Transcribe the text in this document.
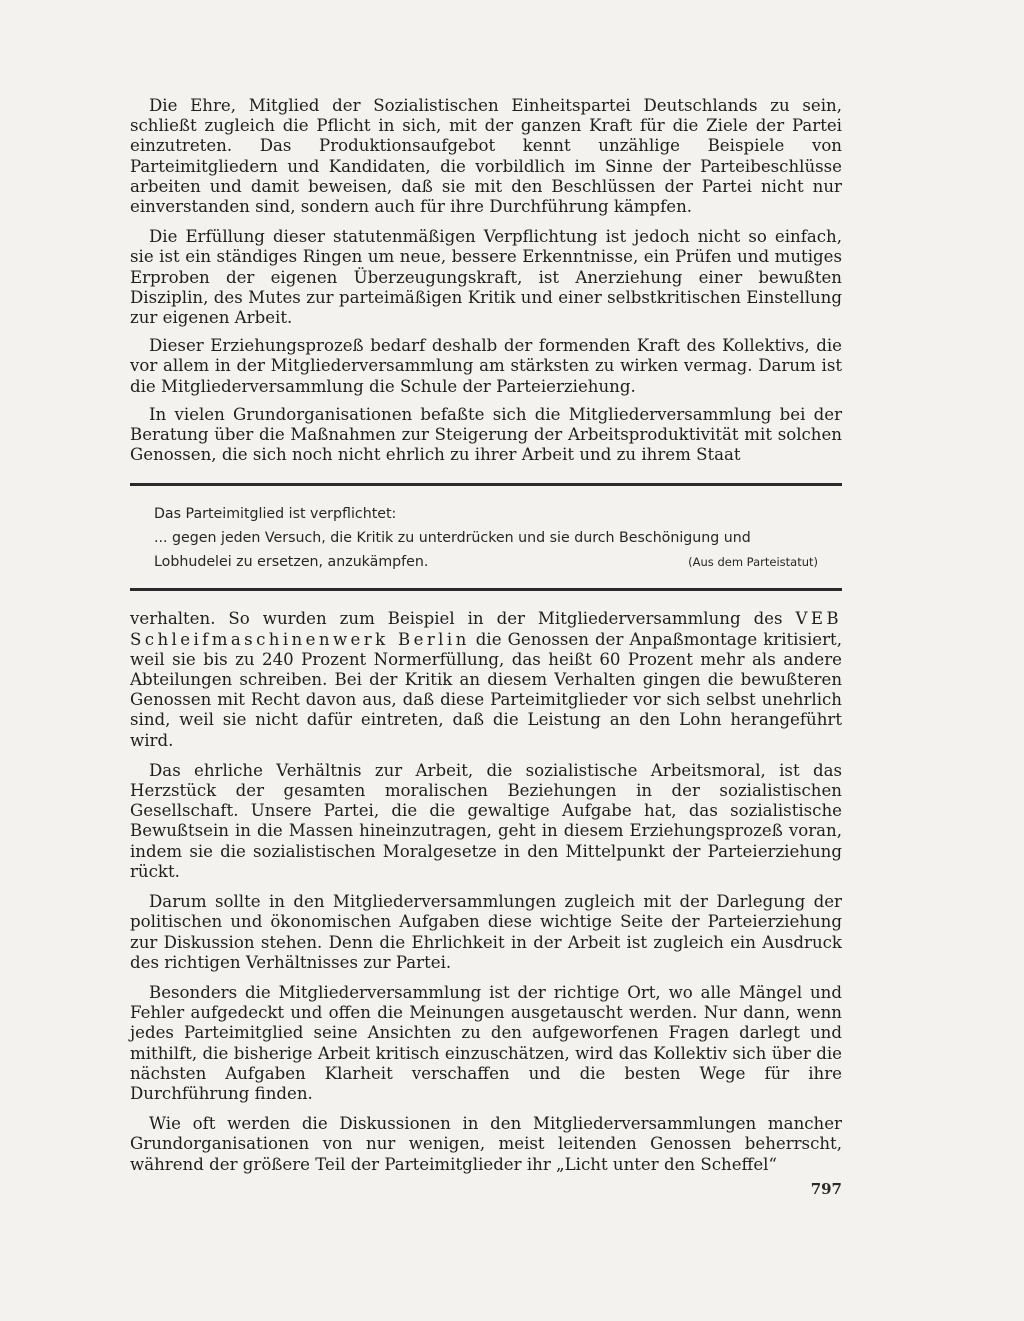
Die Ehre, Mitglied der Sozialistischen Einheitspartei Deutschlands zu sein, schließt zugleich die Pflicht in sich, mit der ganzen Kraft für die Ziele der Partei einzutreten. Das Produktionsaufgebot kennt unzählige Beispiele von Parteimitgliedern und Kandidaten, die vorbildlich im Sinne der Parteibeschlüsse arbeiten und damit beweisen, daß sie mit den Beschlüssen der Partei nicht nur einverstanden sind, sondern auch für ihre Durchführung kämpfen.

Die Erfüllung dieser statutenmäßigen Verpflichtung ist jedoch nicht so einfach, sie ist ein ständiges Ringen um neue, bessere Erkenntnisse, ein Prüfen und mutiges Erproben der eigenen Überzeugungskraft, ist Anerziehung einer bewußten Disziplin, des Mutes zur parteimäßigen Kritik und einer selbstkritischen Einstellung zur eigenen Arbeit.

Dieser Erziehungsprozeß bedarf deshalb der formenden Kraft des Kollektivs, die vor allem in der Mitgliederversammlung am stärksten zu wirken vermag. Darum ist die Mitgliederversammlung die Schule der Parteierziehung.

In vielen Grundorganisationen befaßte sich die Mitgliederversammlung bei der Beratung über die Maßnahmen zur Steigerung der Arbeitsproduktivität mit solchen Genossen, die sich noch nicht ehrlich zu ihrer Arbeit und zu ihrem Staat

Das Parteimitglied ist verpflichtet:
... gegen jeden Versuch, die Kritik zu unterdrücken und sie durch Beschönigung und
Lobhudelei zu ersetzen, anzukämpfen.	(Aus dem Parteistatut)

verhalten. So wurden zum Beispiel in der Mitgliederversammlung des VEB Schleifmaschinenwerk Berlin die Genossen der Anpaßmontage kritisiert, weil sie bis zu 240 Prozent Normerfüllung, das heißt 60 Prozent mehr als andere Abteilungen schreiben. Bei der Kritik an diesem Verhalten gingen die bewußteren Genossen mit Recht davon aus, daß diese Parteimitglieder vor sich selbst unehrlich sind, weil sie nicht dafür eintreten, daß die Leistung an den Lohn herangeführt wird.

Das ehrliche Verhältnis zur Arbeit, die sozialistische Arbeitsmoral, ist das Herzstück der gesamten moralischen Beziehungen in der sozialistischen Gesellschaft. Unsere Partei, die die gewaltige Aufgabe hat, das sozialistische Bewußtsein in die Massen hineinzutragen, geht in diesem Erziehungsprozeß voran, indem sie die sozialistischen Moralgesetze in den Mittelpunkt der Parteierziehung rückt.

Darum sollte in den Mitgliederversammlungen zugleich mit der Darlegung der politischen und ökonomischen Aufgaben diese wichtige Seite der Parteierziehung zur Diskussion stehen. Denn die Ehrlichkeit in der Arbeit ist zugleich ein Ausdruck des richtigen Verhältnisses zur Partei.

Besonders die Mitgliederversammlung ist der richtige Ort, wo alle Mängel und Fehler aufgedeckt und offen die Meinungen ausgetauscht werden. Nur dann, wenn jedes Parteimitglied seine Ansichten zu den aufgeworfenen Fragen darlegt und mithilft, die bisherige Arbeit kritisch einzuschätzen, wird das Kollektiv sich über die nächsten Aufgaben Klarheit verschaffen und die besten Wege für ihre Durchführung finden.

Wie oft werden die Diskussionen in den Mitgliederversammlungen mancher Grundorganisationen von nur wenigen, meist leitenden Genossen beherrscht, während der größere Teil der Parteimitglieder ihr „Licht unter den Scheffel“

797
